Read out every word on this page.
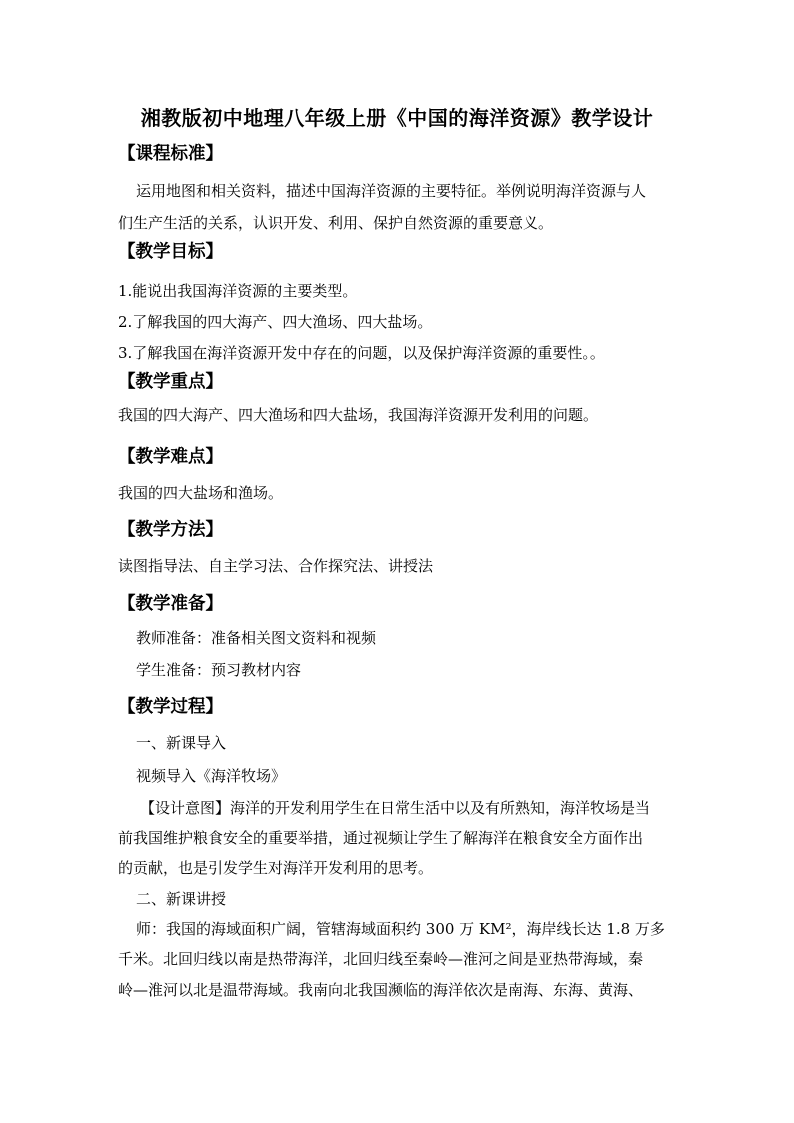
湘教版初中地理八年级上册《中国的海洋资源》教学设计
【课程标准】
运用地图和相关资料，描述中国海洋资源的主要特征。举例说明海洋资源与人
们生产生活的关系，认识开发、利用、保护自然资源的重要意义。
【教学目标】
1.能说出我国海洋资源的主要类型。
2.了解我国的四大海产、四大渔场、四大盐场。
3.了解我国在海洋资源开发中存在的问题，以及保护海洋资源的重要性。。
【教学重点】
我国的四大海产、四大渔场和四大盐场，我国海洋资源开发利用的问题。
【教学难点】
我国的四大盐场和渔场。
【教学方法】
读图指导法、自主学习法、合作探究法、讲授法
【教学准备】
教师准备：准备相关图文资料和视频
学生准备：预习教材内容
【教学过程】
一、新课导入
视频导入《海洋牧场》
【设计意图】海洋的开发利用学生在日常生活中以及有所熟知，海洋牧场是当
前我国维护粮食安全的重要举措，通过视频让学生了解海洋在粮食安全方面作出
的贡献，也是引发学生对海洋开发利用的思考。
二、新课讲授
师：我国的海域面积广阔，管辖海域面积约 300 万 KM²，海岸线长达 1.8 万多
千米。北回归线以南是热带海洋，北回归线至秦岭—淮河之间是亚热带海域，秦
岭—淮河以北是温带海域。我南向北我国濒临的海洋依次是南海、东海、黄海、
